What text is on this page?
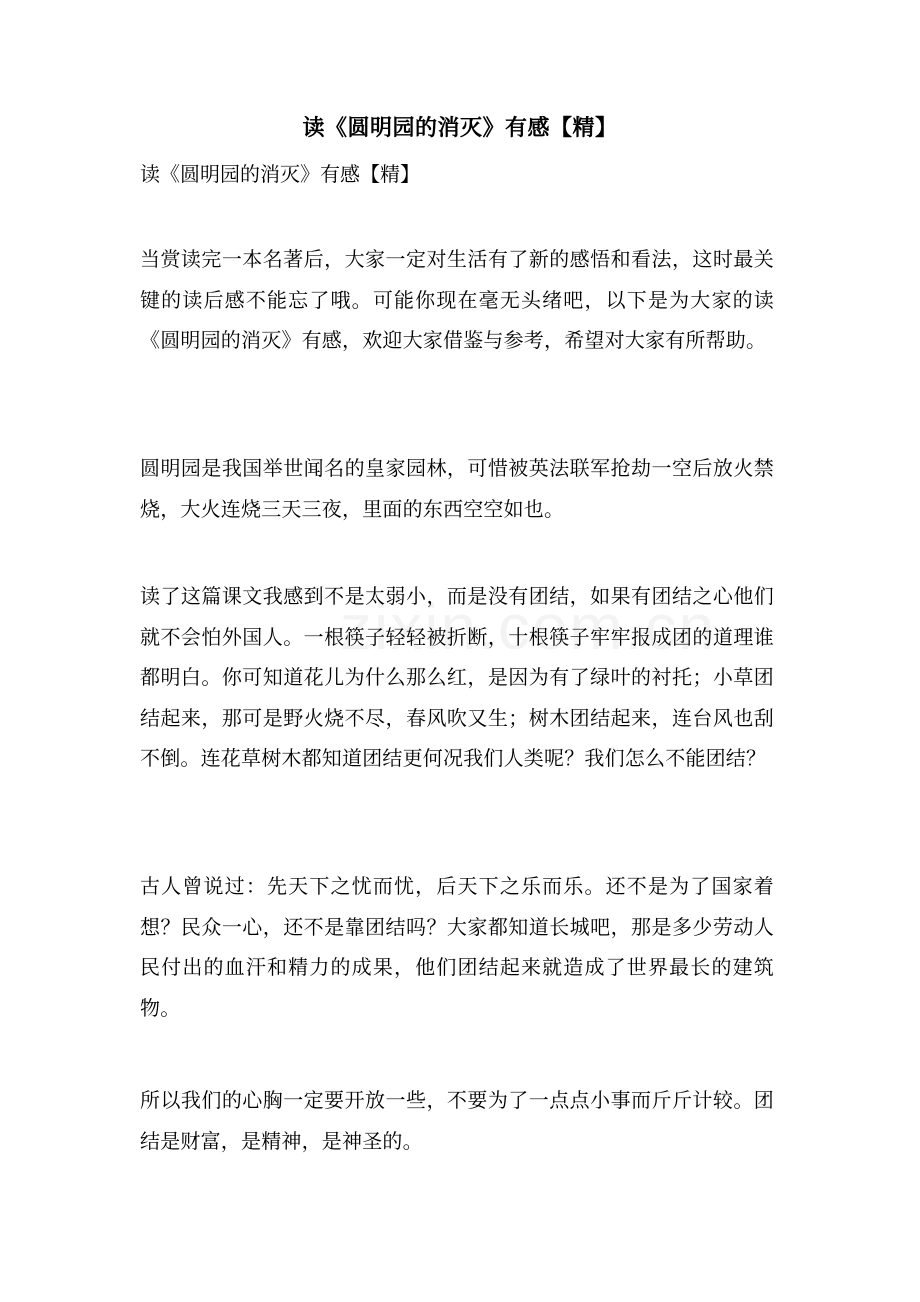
读《圆明园的消灭》有感【精】
读《圆明园的消灭》有感【精】
当赏读完一本名著后，大家一定对生活有了新的感悟和看法，这时最关键的读后感不能忘了哦。可能你现在毫无头绪吧，以下是为大家的读《圆明园的消灭》有感，欢迎大家借鉴与参考，希望对大家有所帮助。
圆明园是我国举世闻名的皇家园林，可惜被英法联军抢劫一空后放火禁烧，大火连烧三天三夜，里面的东西空空如也。
读了这篇课文我感到不是太弱小，而是没有团结，如果有团结之心他们就不会怕外国人。一根筷子轻轻被折断，十根筷子牢牢报成团的道理谁都明白。你可知道花儿为什么那么红，是因为有了绿叶的衬托；小草团结起来，那可是野火烧不尽，春风吹又生；树木团结起来，连台风也刮不倒。连花草树木都知道团结更何况我们人类呢？我们怎么不能团结？
古人曾说过：先天下之忧而忧，后天下之乐而乐。还不是为了国家着想？民众一心，还不是靠团结吗？大家都知道长城吧，那是多少劳动人民付出的血汗和精力的成果，他们团结起来就造成了世界最长的建筑物。
所以我们的心胸一定要开放一些，不要为了一点点小事而斤斤计较。团结是财富，是精神，是神圣的。
